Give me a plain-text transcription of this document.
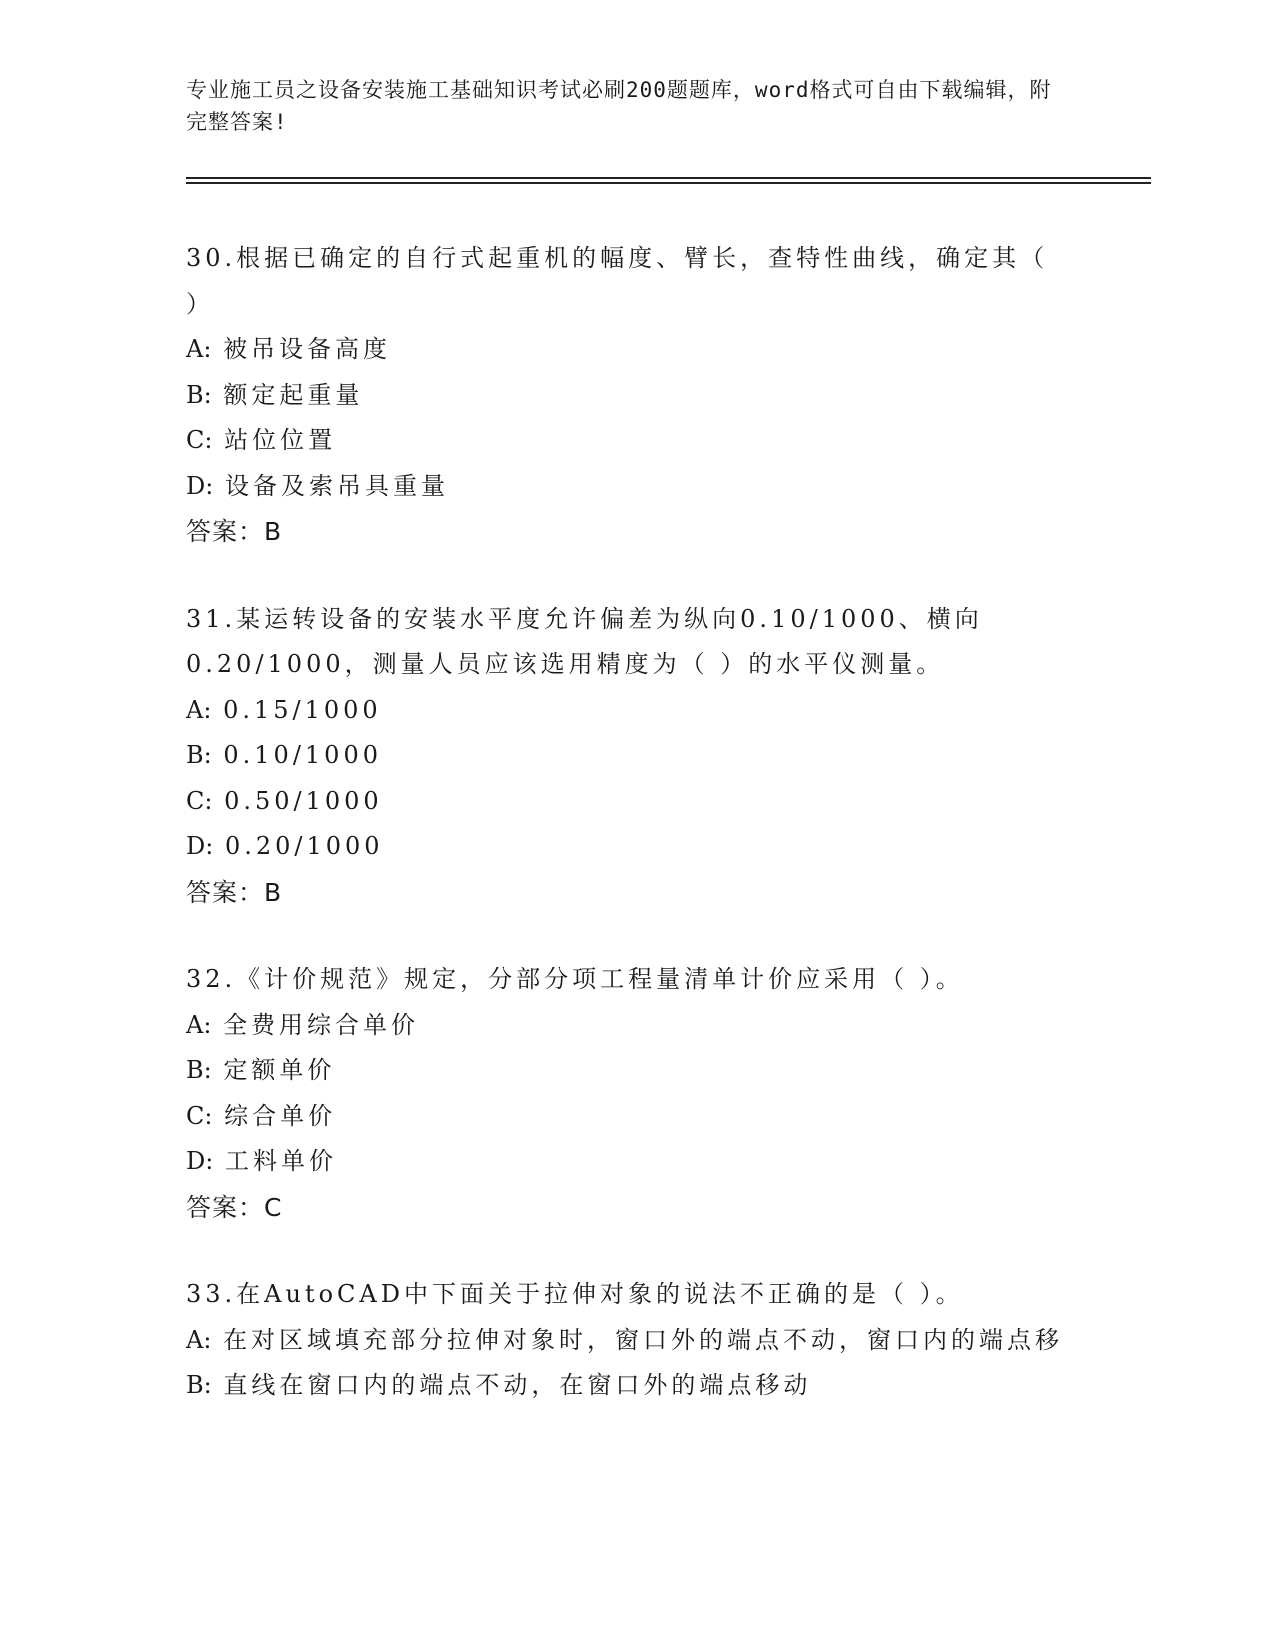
专业施工员之设备安装施工基础知识考试必刷200题题库，word格式可自由下载编辑，附完整答案!
30.根据已确定的自行式起重机的幅度、臂长，查特性曲线，确定其（ ）
A: 被吊设备高度
B: 额定起重量
C: 站位位置
D: 设备及索吊具重量
答案：B
31.某运转设备的安装水平度允许偏差为纵向0.10/1000、横向0.20/1000，测量人员应该选用精度为（ ）的水平仪测量。
A: 0.15/1000
B: 0.10/1000
C: 0.50/1000
D: 0.20/1000
答案：B
32.《计价规范》规定，分部分项工程量清单计价应采用（ ）。
A: 全费用综合单价
B: 定额单价
C: 综合单价
D: 工料单价
答案：C
33.在AutoCAD中下面关于拉伸对象的说法不正确的是（ ）。
A: 在对区域填充部分拉伸对象时，窗口外的端点不动，窗口内的端点移
B: 直线在窗口内的端点不动，在窗口外的端点移动
